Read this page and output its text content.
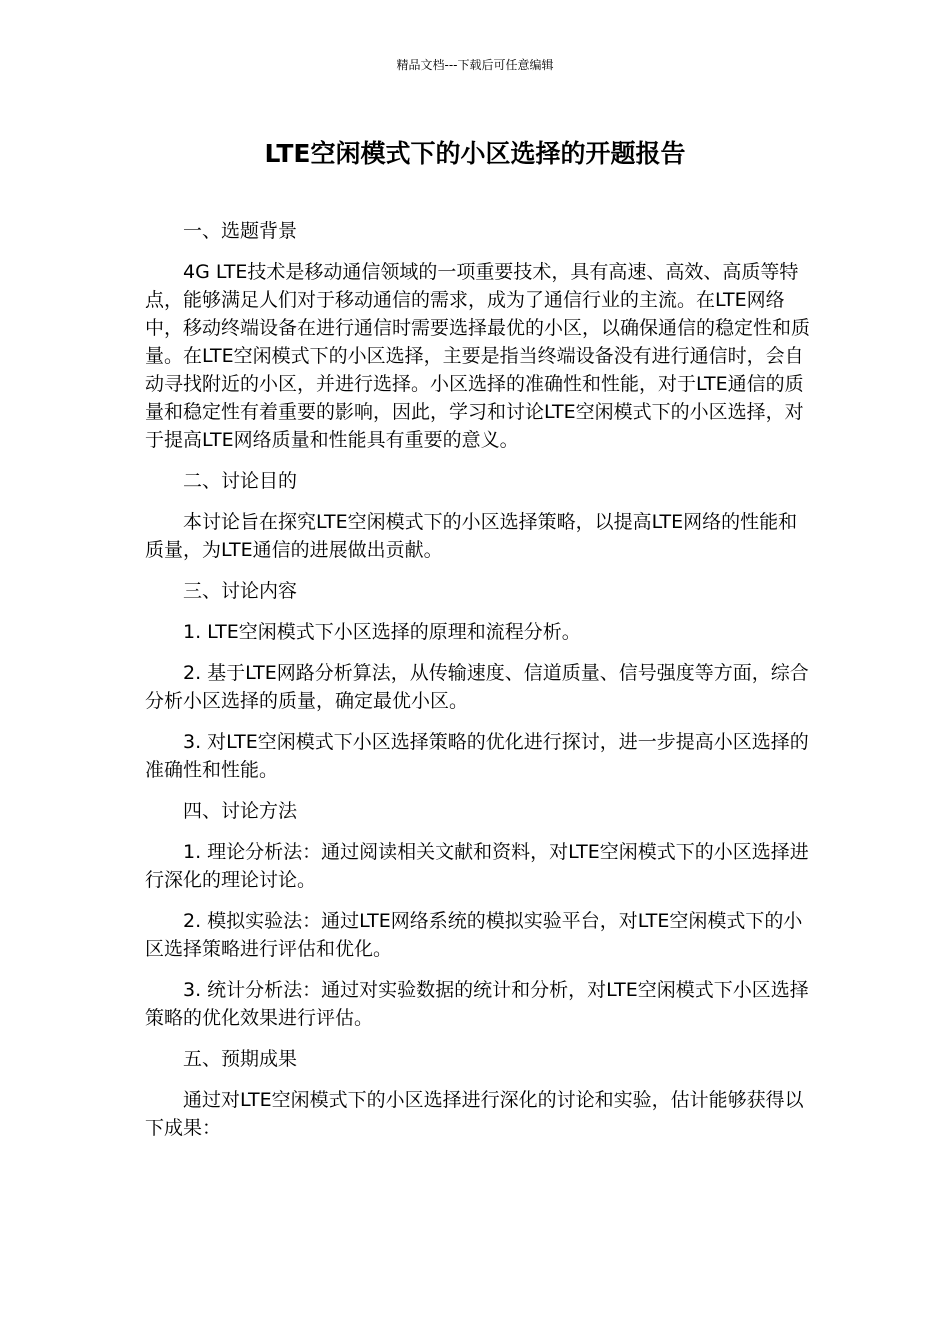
精品文档---下载后可任意编辑
LTE空闲模式下的小区选择的开题报告

一、选题背景

4G LTE技术是移动通信领域的一项重要技术，具有高速、高效、高质等特点，能够满足人们对于移动通信的需求，成为了通信行业的主流。在LTE网络中，移动终端设备在进行通信时需要选择最优的小区，以确保通信的稳定性和质量。在LTE空闲模式下的小区选择，主要是指当终端设备没有进行通信时，会自动寻找附近的小区，并进行选择。小区选择的准确性和性能，对于LTE通信的质量和稳定性有着重要的影响，因此，学习和讨论LTE空闲模式下的小区选择，对于提高LTE网络质量和性能具有重要的意义。

二、讨论目的

本讨论旨在探究LTE空闲模式下的小区选择策略，以提高LTE网络的性能和质量，为LTE通信的进展做出贡献。

三、讨论内容

1. LTE空闲模式下小区选择的原理和流程分析。

2. 基于LTE网路分析算法，从传输速度、信道质量、信号强度等方面，综合分析小区选择的质量，确定最优小区。

3. 对LTE空闲模式下小区选择策略的优化进行探讨，进一步提高小区选择的准确性和性能。

四、讨论方法

1. 理论分析法：通过阅读相关文献和资料，对LTE空闲模式下的小区选择进行深化的理论讨论。

2. 模拟实验法：通过LTE网络系统的模拟实验平台，对LTE空闲模式下的小区选择策略进行评估和优化。

3. 统计分析法：通过对实验数据的统计和分析，对LTE空闲模式下小区选择策略的优化效果进行评估。

五、预期成果

通过对LTE空闲模式下的小区选择进行深化的讨论和实验，估计能够获得以下成果：
